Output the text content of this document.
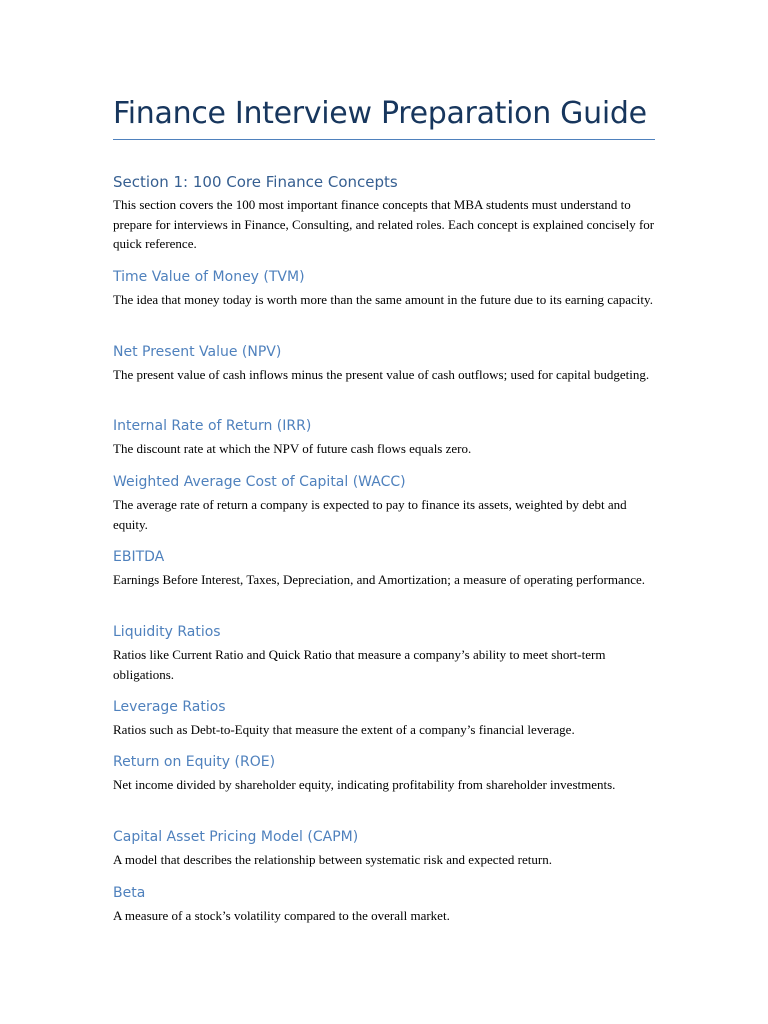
Finance Interview Preparation Guide
Section 1: 100 Core Finance Concepts

This section covers the 100 most important finance concepts that MBA students must understand to prepare for interviews in Finance, Consulting, and related roles. Each concept is explained concisely for quick reference.

Time Value of Money (TVM)

The idea that money today is worth more than the same amount in the future due to its earning capacity.

Net Present Value (NPV)

The present value of cash inflows minus the present value of cash outflows; used for capital budgeting.

Internal Rate of Return (IRR)

The discount rate at which the NPV of future cash flows equals zero.

Weighted Average Cost of Capital (WACC)

The average rate of return a company is expected to pay to finance its assets, weighted by debt and equity.

EBITDA

Earnings Before Interest, Taxes, Depreciation, and Amortization; a measure of operating performance.

Liquidity Ratios

Ratios like Current Ratio and Quick Ratio that measure a company’s ability to meet short-term obligations.

Leverage Ratios

Ratios such as Debt-to-Equity that measure the extent of a company’s financial leverage.

Return on Equity (ROE)

Net income divided by shareholder equity, indicating profitability from shareholder investments.

Capital Asset Pricing Model (CAPM)

A model that describes the relationship between systematic risk and expected return.

Beta

A measure of a stock’s volatility compared to the overall market.
